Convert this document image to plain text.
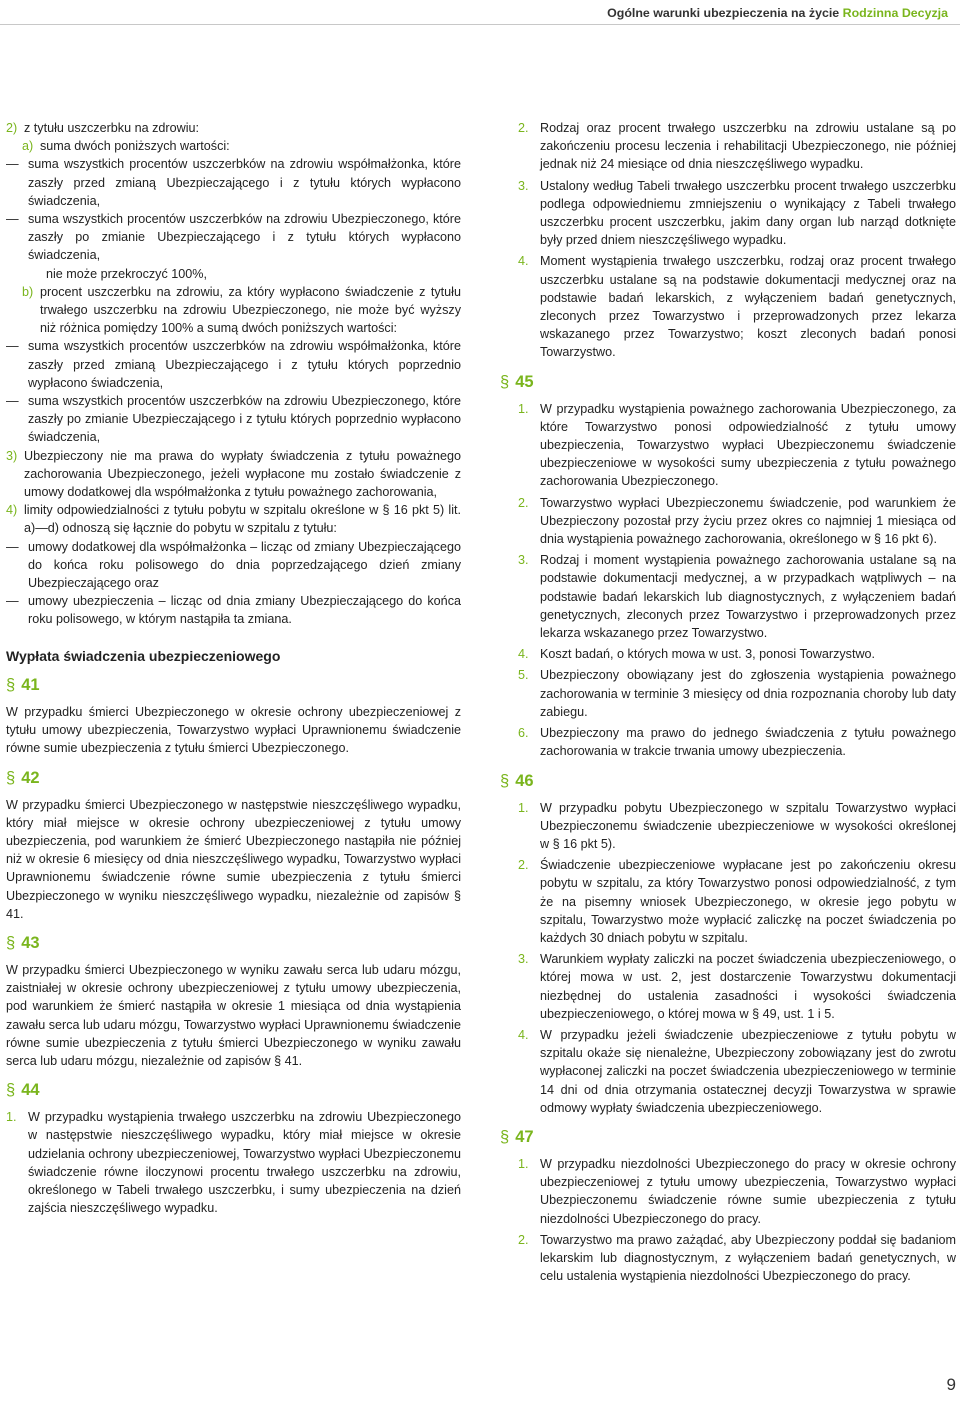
Ogólne warunki ubezpieczenia na życie Rodzinna Decyzja
2) z tytułu uszczerbku na zdrowiu:
a) suma dwóch poniższych wartości:
— suma wszystkich procentów uszczerbków na zdrowiu współmałżonka, które zaszły przed zmianą Ubezpieczającego i z tytułu których wypłacono świadczenia,
— suma wszystkich procentów uszczerbków na zdrowiu Ubezpieczonego, które zaszły po zmianie Ubezpieczającego i z tytułu których wypłacono świadczenia,

nie może przekroczyć 100%,

b) procent uszczerbku na zdrowiu, za który wypłacono świadczenie z tytułu trwałego uszczerbku na zdrowiu Ubezpieczonego, nie może być wyższy niż różnica pomiędzy 100% a sumą dwóch poniższych wartości:
— suma wszystkich procentów uszczerbków na zdrowiu współmałżonka, które zaszły przed zmianą Ubezpieczającego i z tytułu których poprzednio wypłacono świadczenia,
— suma wszystkich procentów uszczerbków na zdrowiu Ubezpieczonego, które zaszły po zmianie Ubezpieczającego i z tytułu których poprzednio wypłacono świadczenia,
3) Ubezpieczony nie ma prawa do wypłaty świadczenia z tytułu poważnego zachorowania Ubezpieczonego, jeżeli wypłacone mu zostało świadczenie z umowy dodatkowej dla współmałżonka z tytułu poważnego zachorowania,
4) limity odpowiedzialności z tytułu pobytu w szpitalu określone w § 16 pkt 5) lit. a)—d) odnoszą się łącznie do pobytu w szpitalu z tytułu:
— umowy dodatkowej dla współmałżonka – licząc od zmiany Ubezpieczającego do końca roku polisowego do dnia poprzedzającego dzień zmiany Ubezpieczającego oraz
— umowy ubezpieczenia – licząc od dnia zmiany Ubezpieczającego do końca roku polisowego, w którym nastąpiła ta zmiana.
Wypłata świadczenia ubezpieczeniowego
§ 41

W przypadku śmierci Ubezpieczonego w okresie ochrony ubezpieczeniowej z tytułu umowy ubezpieczenia, Towarzystwo wypłaci Uprawnionemu świadczenie równe sumie ubezpieczenia z tytułu śmierci Ubezpieczonego.

§ 42

W przypadku śmierci Ubezpieczonego w następstwie nieszczęśliwego wypadku, który miał miejsce w okresie ochrony ubezpieczeniowej z tytułu umowy ubezpieczenia, pod warunkiem że śmierć Ubezpieczonego nastąpiła nie później niż w okresie 6 miesięcy od dnia nieszczęśliwego wypadku, Towarzystwo wypłaci Uprawnionemu świadczenie równe sumie ubezpieczenia z tytułu śmierci Ubezpieczonego w wyniku nieszczęśliwego wypadku, niezależnie od zapisów § 41.

§ 43

W przypadku śmierci Ubezpieczonego w wyniku zawału serca lub udaru mózgu, zaistniałej w okresie ochrony ubezpieczeniowej z tytułu umowy ubezpieczenia, pod warunkiem że śmierć nastąpiła w okresie 1 miesiąca od dnia wystąpienia zawału serca lub udaru mózgu, Towarzystwo wypłaci Uprawnionemu świadczenie równe sumie ubezpieczenia z tytułu śmierci Ubezpieczonego w wyniku zawału serca lub udaru mózgu, niezależnie od zapisów § 41.

§ 44
1. W przypadku wystąpienia trwałego uszczerbku na zdrowiu Ubezpieczonego w następstwie nieszczęśliwego wypadku, który miał miejsce w okresie udzielania ochrony ubezpieczeniowej, Towarzystwo wypłaci Ubezpieczonemu świadczenie równe iloczynowi procentu trwałego uszczerbku na zdrowiu, określonego w Tabeli trwałego uszczerbku, i sumy ubezpieczenia na dzień zajścia nieszczęśliwego wypadku.
2. Rodzaj oraz procent trwałego uszczerbku na zdrowiu ustalane są po zakończeniu procesu leczenia i rehabilitacji Ubezpieczonego, nie później jednak niż 24 miesiące od dnia nieszczęśliwego wypadku.
3. Ustalony według Tabeli trwałego uszczerbku procent trwałego uszczerbku podlega odpowiedniemu zmniejszeniu o wynikający z Tabeli trwałego uszczerbku procent uszczerbku, jakim dany organ lub narząd dotknięte były przed dniem nieszczęśliwego wypadku.
4. Moment wystąpienia trwałego uszczerbku, rodzaj oraz procent trwałego uszczerbku ustalane są na podstawie dokumentacji medycznej oraz na podstawie badań lekarskich, z wyłączeniem badań genetycznych, zleconych przez Towarzystwo i przeprowadzonych przez lekarza wskazanego przez Towarzystwo; koszt zleconych badań ponosi Towarzystwo.
§ 45
1. W przypadku wystąpienia poważnego zachorowania Ubezpieczonego, za które Towarzystwo ponosi odpowiedzialność z tytułu umowy ubezpieczenia, Towarzystwo wypłaci Ubezpieczonemu świadczenie ubezpieczeniowe w wysokości sumy ubezpieczenia z tytułu poważnego zachorowania Ubezpieczonego.
2. Towarzystwo wypłaci Ubezpieczonemu świadczenie, pod warunkiem że Ubezpieczony pozostał przy życiu przez okres co najmniej 1 miesiąca od dnia wystąpienia poważnego zachorowania, określonego w § 16 pkt 6).
3. Rodzaj i moment wystąpienia poważnego zachorowania ustalane są na podstawie dokumentacji medycznej, a w przypadkach wątpliwych – na podstawie badań lekarskich lub diagnostycznych, z wyłączeniem badań genetycznych, zleconych przez Towarzystwo i przeprowadzonych przez lekarza wskazanego przez Towarzystwo.
4. Koszt badań, o których mowa w ust. 3, ponosi Towarzystwo.
5. Ubezpieczony obowiązany jest do zgłoszenia wystąpienia poważnego zachorowania w terminie 3 miesięcy od dnia rozpoznania choroby lub daty zabiegu.
6. Ubezpieczony ma prawo do jednego świadczenia z tytułu poważnego zachorowania w trakcie trwania umowy ubezpieczenia.
§ 46
1. W przypadku pobytu Ubezpieczonego w szpitalu Towarzystwo wypłaci Ubezpieczonemu świadczenie ubezpieczeniowe w wysokości określonej w § 16 pkt 5).
2. Świadczenie ubezpieczeniowe wypłacane jest po zakończeniu okresu pobytu w szpitalu, za który Towarzystwo ponosi odpowiedzialność, z tym że na pisemny wniosek Ubezpieczonego, w okresie jego pobytu w szpitalu, Towarzystwo może wypłacić zaliczkę na poczet świadczenia po każdych 30 dniach pobytu w szpitalu.
3. Warunkiem wypłaty zaliczki na poczet świadczenia ubezpieczeniowego, o której mowa w ust. 2, jest dostarczenie Towarzystwu dokumentacji niezbędnej do ustalenia zasadności i wysokości świadczenia ubezpieczeniowego, o której mowa w § 49, ust. 1 i 5.
4. W przypadku jeżeli świadczenie ubezpieczeniowe z tytułu pobytu w szpitalu okaże się nienależne, Ubezpieczony zobowiązany jest do zwrotu wypłaconej zaliczki na poczet świadczenia ubezpieczeniowego w terminie 14 dni od dnia otrzymania ostatecznej decyzji Towarzystwa w sprawie odmowy wypłaty świadczenia ubezpieczeniowego.
§ 47
1. W przypadku niezdolności Ubezpieczonego do pracy w okresie ochrony ubezpieczeniowej z tytułu umowy ubezpieczenia, Towarzystwo wypłaci Ubezpieczonemu świadczenie równe sumie ubezpieczenia z tytułu niezdolności Ubezpieczonego do pracy.
2. Towarzystwo ma prawo zażądać, aby Ubezpieczony poddał się badaniom lekarskim lub diagnostycznym, z wyłączeniem badań genetycznych, w celu ustalenia wystąpienia niezdolności Ubezpieczonego do pracy.
9
